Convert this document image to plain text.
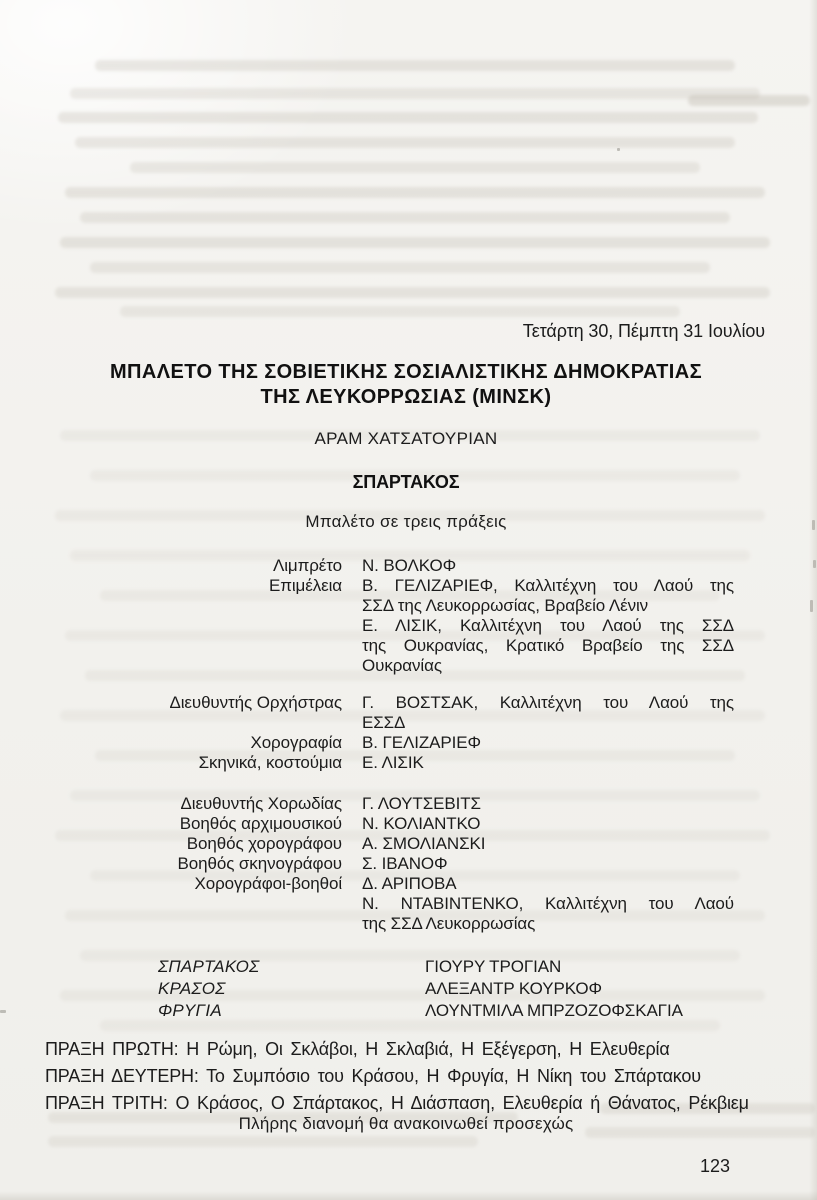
Τετάρτη 30, Πέμπτη 31 Ιουλίου
ΜΠΑΛΕΤΟ ΤΗΣ ΣΟΒΙΕΤΙΚΗΣ ΣΟΣΙΑΛΙΣΤΙΚΗΣ ΔΗΜΟΚΡΑΤΙΑΣ
ΤΗΣ ΛΕΥΚΟΡΡΩΣΙΑΣ (ΜΙΝΣΚ)
ΑΡΑΜ ΧΑΤΣΑΤΟΥΡΙΑΝ
ΣΠΑΡΤΑΚΟΣ
Μπαλέτο σε τρεις πράξεις
Λιμπρέτο	Ν. ΒΟΛΚΟΦ
Επιμέλεια	Β. ΓΕΛΙΖΑΡΙΕΦ, Καλλιτέχνη του Λαού της
ΣΣΔ της Λευκορρωσίας, Βραβείο Λένιν
Ε. ΛΙΣΙΚ, Καλλιτέχνη του Λαού της ΣΣΔ
της Ουκρανίας, Κρατικό Βραβείο της ΣΣΔ
Ουκρανίας
Διευθυντής Ορχήστρας	Γ. ΒΟΣΤΣΑΚ, Καλλιτέχνη του Λαού της
ΕΣΣΔ
Χορογραφία	Β. ΓΕΛΙΖΑΡΙΕΦ
Σκηνικά, κοστούμια	Ε. ΛΙΣΙΚ
Διευθυντής Χορωδίας	Γ. ΛΟΥΤΣΕΒΙΤΣ
Βοηθός αρχιμουσικού	Ν. ΚΟΛΙΑΝΤΚΟ
Βοηθός χορογράφου	Α. ΣΜΟΛΙΑΝΣΚΙ
Βοηθός σκηνογράφου	Σ. ΙΒΑΝΟΦ
Χορογράφοι-βοηθοί	Δ. ΑΡΙΠΟΒΑ
Ν. ΝΤΑΒΙΝΤΕΝΚΟ, Καλλιτέχνη του Λαού
της ΣΣΔ Λευκορρωσίας
ΣΠΑΡΤΑΚΟΣ	ΓΙΟΥΡΥ ΤΡΟΓΙΑΝ
ΚΡΑΣΟΣ	ΑΛΕΞΑΝΤΡ ΚΟΥΡΚΟΦ
ΦΡΥΓΙΑ	ΛΟΥΝΤΜΙΛΑ ΜΠΡΖΟΖΟΦΣΚΑΓΙΑ
ΠΡΑΞΗ ΠΡΩΤΗ: Η Ρώμη, Οι Σκλάβοι, Η Σκλαβιά, Η Εξέγερση, Η Ελευθερία
ΠΡΑΞΗ ΔΕΥΤΕΡΗ: Το Συμπόσιο του Κράσου, Η Φρυγία, Η Νίκη του Σπάρτακου
ΠΡΑΞΗ ΤΡΙΤΗ: Ο Κράσος, Ο Σπάρτακος, Η Διάσπαση, Ελευθερία ή Θάνατος, Ρέκβιεμ
Πλήρης διανομή θα ανακοινωθεί προσεχώς
123
